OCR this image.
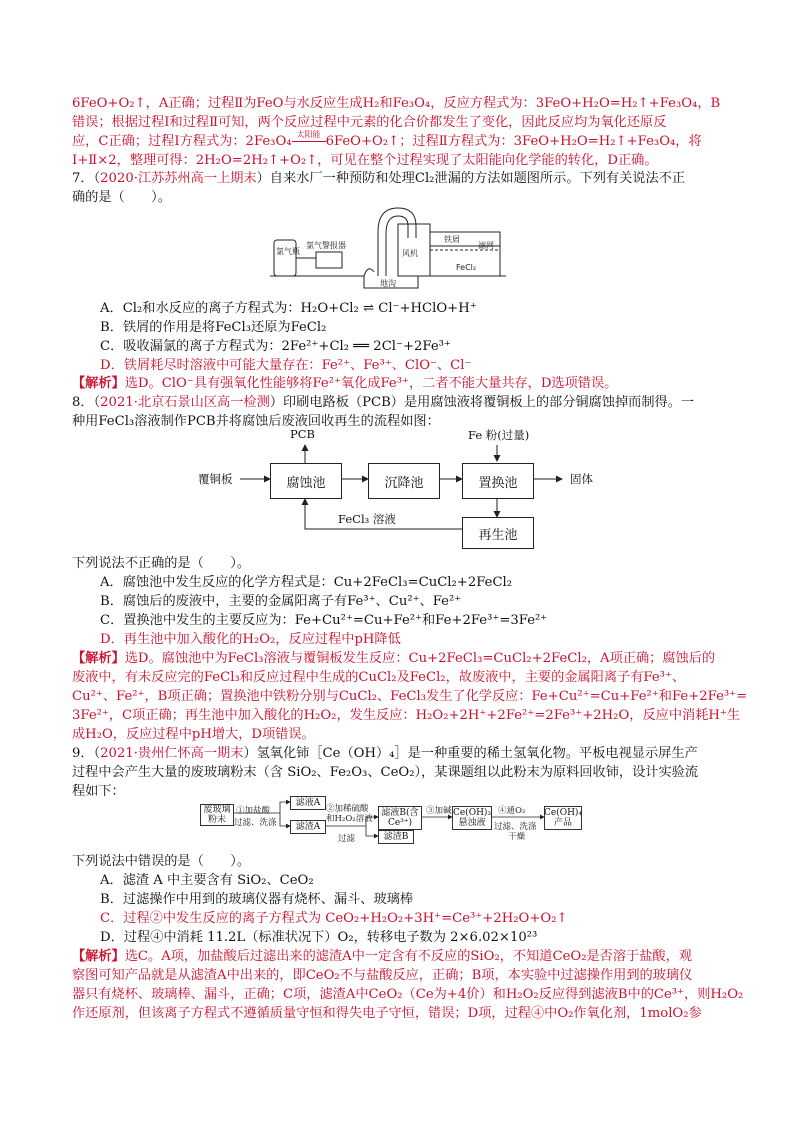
6FeO+O₂↑，A正确；过程Ⅱ为FeO与水反应生成H₂和Fe₃O₄，反应方程式为：3FeO+H₂O=H₂↑+Fe₃O₄，B
错误；根据过程Ⅰ和过程Ⅱ可知，两个反应过程中元素的化合价都发生了变化，因此反应均为氧化还原反
应，C正确；过程Ⅰ方程式为：2Fe₃O₄ 太阳能 6FeO+O₂↑；过程Ⅱ方程式为：3FeO+H₂O=H₂↑+Fe₃O₄，将
Ⅰ+Ⅱ×2，整理可得：2H₂O=2H₂↑+O₂↑，可见在整个过程实现了太阳能向化学能的转化，D正确。
7．（2020·江苏苏州高一上期末）自来水厂一种预防和处理Cl₂泄漏的方法如题图所示。下列有关说法不正
确的是（　　）。
氯气瓶
氯气警报器
风机
铁屑
滤网
FeCl₂
地沟
A．Cl₂和水反应的离子方程式为：H₂O+Cl₂ ⇌ Cl⁻+HClO+H⁺
B．铁屑的作用是将FeCl₃还原为FeCl₂
C．吸收漏氯的离子方程式为：2Fe²⁺+Cl₂ ══ 2Cl⁻+2Fe³⁺
D．铁屑耗尽时溶液中可能大量存在：Fe²⁺、Fe³⁺、ClO⁻、Cl⁻
【解析】选D。ClO⁻具有强氧化性能够将Fe²⁺氧化成Fe³⁺，二者不能大量共存，D选项错误。
8．（2021·北京石景山区高一检测）印刷电路板（PCB）是用腐蚀液将覆铜板上的部分铜腐蚀掉而制得。一
种用FeCl₃溶液制作PCB并将腐蚀后废液回收再生的流程如图：
PCB	Fe 粉(过量)
覆铜板	腐蚀池	沉降池	置换池	固体
再生池
FeCl₃ 溶液
下列说法不正确的是（　　）。
A．腐蚀池中发生反应的化学方程式是：Cu+2FeCl₃=CuCl₂+2FeCl₂
B．腐蚀后的废液中，主要的金属阳离子有Fe³⁺、Cu²⁺、Fe²⁺
C．置换池中发生的主要反应为：Fe+Cu²⁺=Cu+Fe²⁺和Fe+2Fe³⁺=3Fe²⁺
D．再生池中加入酸化的H₂O₂，反应过程中pH降低
【解析】选D。腐蚀池中为FeCl₃溶液与覆铜板发生反应：Cu+2FeCl₃=CuCl₂+2FeCl₂，A项正确；腐蚀后的
废液中，有未反应完的FeCl₃和反应过程中生成的CuCl₂及FeCl₂，故废液中，主要的金属阳离子有Fe³⁺、
Cu²⁺、Fe²⁺，B项正确；置换池中铁粉分别与CuCl₂、FeCl₃发生了化学反应：Fe+Cu²⁺=Cu+Fe²⁺和Fe+2Fe³⁺=
3Fe²⁺，C项正确；再生池中加入酸化的H₂O₂，发生反应：H₂O₂+2H⁺+2Fe²⁺=2Fe³⁺+2H₂O，反应中消耗H⁺生
成H₂O，反应过程中pH增大，D项错误。
9．（2021·贵州仁怀高一期末）氢氧化铈［Ce（OH）₄］是一种重要的稀土氢氧化物。平板电视显示屏生产
过程中会产生大量的废玻璃粉末（含 SiO₂、Fe₂O₃、CeO₂），某课题组以此粉末为原料回收铈，设计实验流
程如下：
废玻璃粉末
①加盐酸
过滤、洗涤
滤液A
滤渣A
②加稀硫酸
和H₂O₂溶液
过滤
滤液B(含Ce³⁺)
滤渣B
③加碱 Ce(OH)₃悬浊液
④通O₂
过滤、洗涤
干燥
Ce(OH)₄产品
下列说法中错误的是（　　）。
A．滤渣 A 中主要含有 SiO₂、CeO₂
B．过滤操作中用到的玻璃仪器有烧杯、漏斗、玻璃棒
C．过程②中发生反应的离子方程式为 CeO₂+H₂O₂+3H⁺=Ce³⁺+2H₂O+O₂↑
D．过程④中消耗 11.2L（标准状况下）O₂，转移电子数为 2×6.02×10²³
【解析】选C。A项，加盐酸后过滤出来的滤渣A中一定含有不反应的SiO₂，不知道CeO₂是否溶于盐酸，观
察图可知产品就是从滤渣A中出来的，即CeO₂不与盐酸反应，正确；B项，本实验中过滤操作用到的玻璃仪
器只有烧杯、玻璃棒、漏斗，正确；C项，滤渣A中CeO₂（Ce为+4价）和H₂O₂反应得到滤液B中的Ce³⁺，则H₂O₂
作还原剂，但该离子方程式不遵循质量守恒和得失电子守恒，错误；D项，过程④中O₂作氧化剂，1molO₂参
